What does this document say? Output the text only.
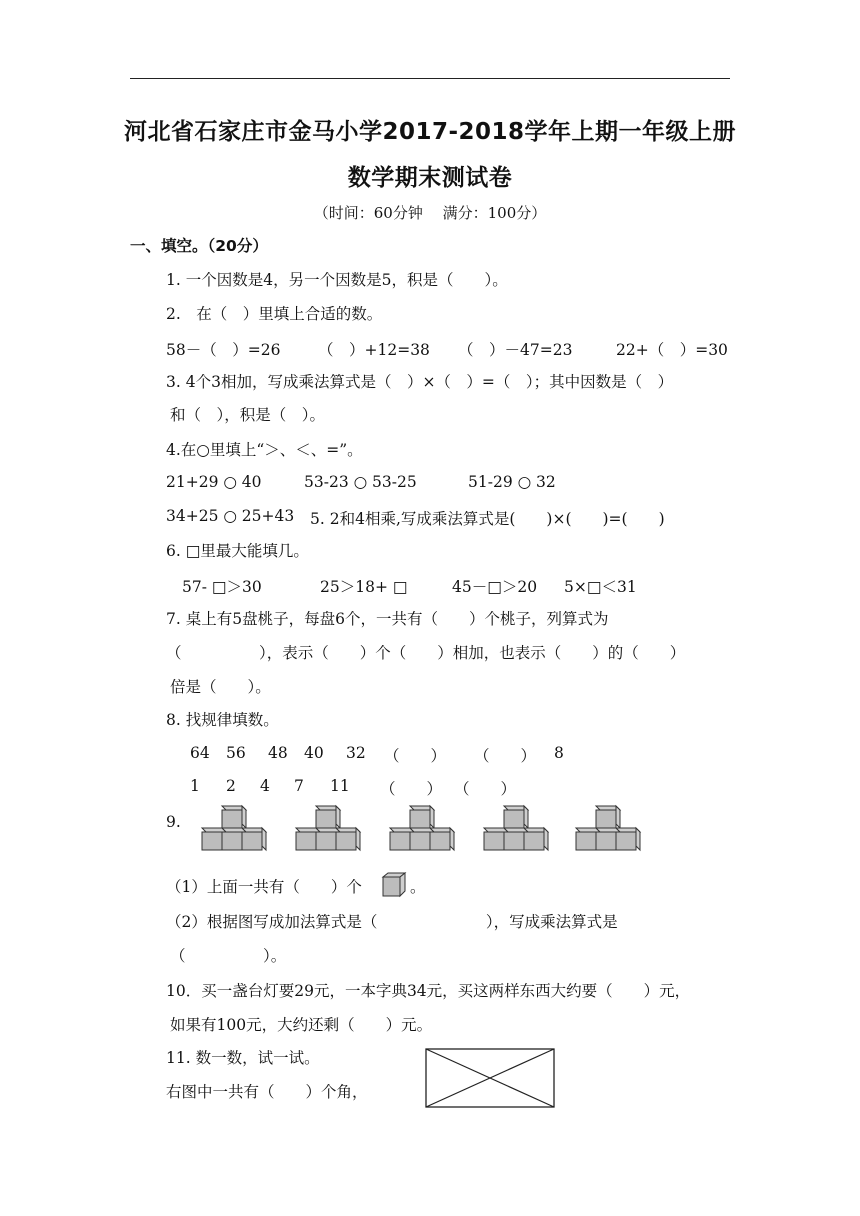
河北省石家庄市金马小学2017-2018学年上期一年级上册
数学期末测试卷
（时间：60分钟　 满分：100分）
一、填空。（20分）
1. 一个因数是4，另一个因数是5，积是（　　）。
2.　在（　）里填上合适的数。
58－（　）=26 （　）+12=38 （　）－47=23	22+（　）=30
3. 4个3相加，写成乘法算式是（　）×（　）=（　）；其中因数是（　）
和（　），积是（　）。
4.在○里填上“＞、＜、=”。
21+29 ○ 40	53-23 ○ 53-25	51-29 ○ 32
34+25 ○ 25+43 5. 2和4相乘,写成乘法算式是(　　)×(　　)=(　　)
6. □里最大能填几。
57- □＞30	25＞18+ □	45－□＞20 5×□＜31
7. 桌上有5盘桃子，每盘6个，一共有（　　）个桃子，列算式为
（　　　　　），表示（　　）个（　　）相加，也表示（　　）的（　　）
倍是（　　）。
8. 找规律填数。
64 56 48 40 32 （　　） （　　） 8
1 2 4 7 11 （　　） （　　）
9.
（1）上面一共有（　　）个	。
（2）根据图写成加法算式是（　　　　　　　），写成乘法算式是
（　　　　　）。
10．买一盏台灯要29元，一本字典34元，买这两样东西大约要（　　）元，
如果有100元，大约还剩（　　）元。
11. 数一数，试一试。
右图中一共有（　　）个角，
